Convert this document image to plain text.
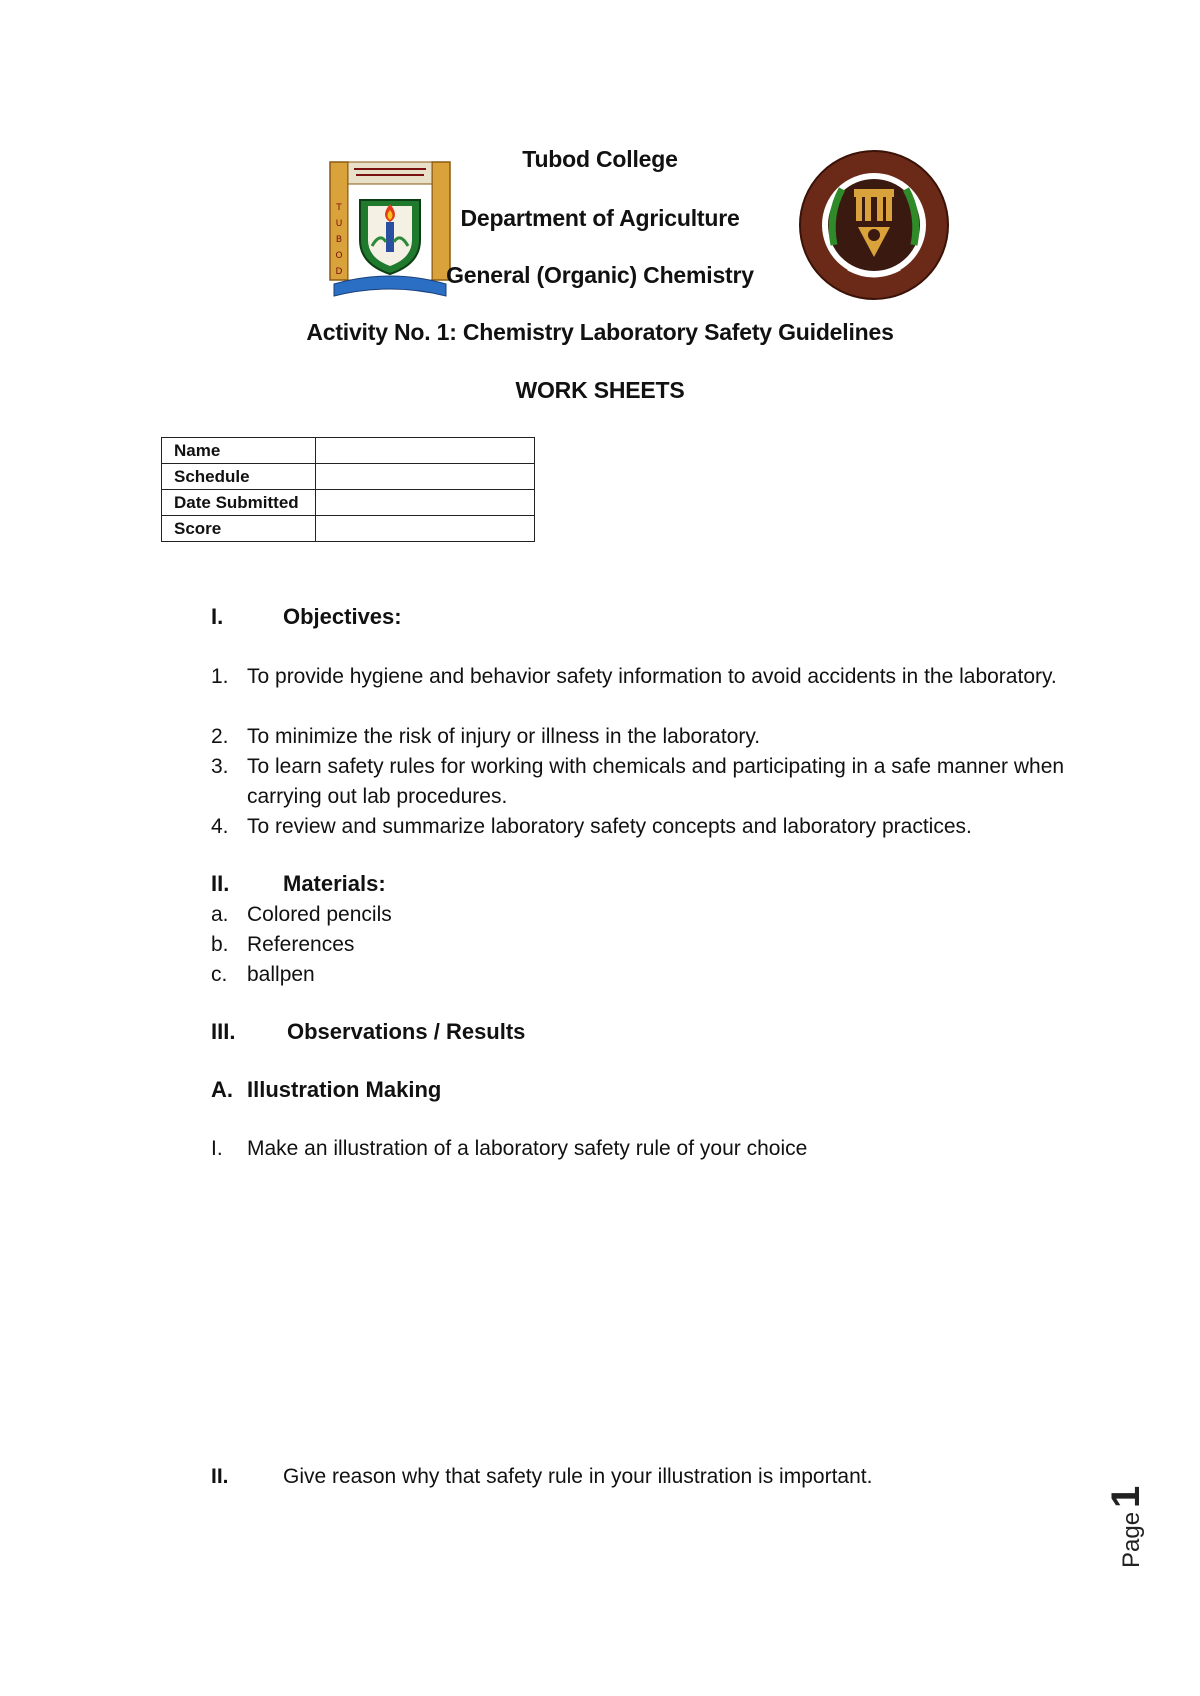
T
U
B
O
D
Tubod College
Department of Agriculture
General (Organic) Chemistry
Activity No. 1: Chemistry Laboratory Safety Guidelines
WORK SHEETS
Name	
Schedule	
Date Submitted	
Score	
I.	Objectives:
1. To provide hygiene and behavior safety information to avoid accidents in the laboratory.
2. To minimize the risk of injury or illness in the laboratory.
3. To learn safety rules for working with chemicals and participating in a safe manner when carrying out lab procedures.
4. To review and summarize laboratory safety concepts and laboratory practices.
II. Materials:
a. Colored pencils
b. References
c. ballpen
III. Observations / Results
A. Illustration Making
I. Make an illustration of a laboratory safety rule of your choice
II.	Give reason why that safety rule in your illustration is important.
Page1
